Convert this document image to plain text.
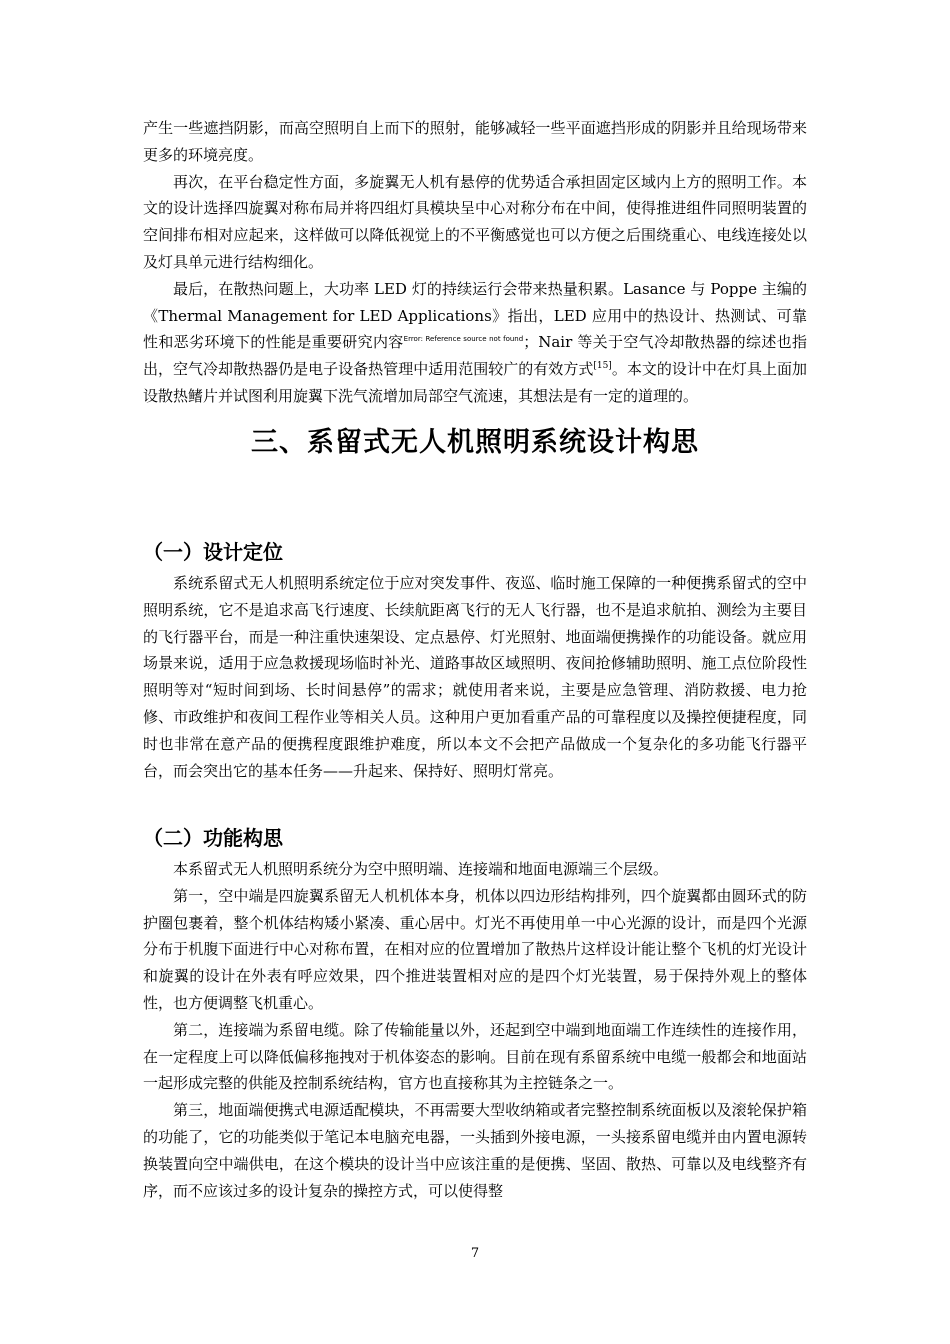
产生一些遮挡阴影，而高空照明自上而下的照射，能够减轻一些平面遮挡形成的阴影并且给现场带来更多的环境亮度。

再次，在平台稳定性方面，多旋翼无人机有悬停的优势适合承担固定区域内上方的照明工作。本文的设计选择四旋翼对称布局并将四组灯具模块呈中心对称分布在中间，使得推进组件同照明装置的空间排布相对应起来，这样做可以降低视觉上的不平衡感觉也可以方便之后围绕重心、电线连接处以及灯具单元进行结构细化。

最后，在散热问题上，大功率 LED 灯的持续运行会带来热量积累。Lasance 与 Poppe 主编的《Thermal Management for LED Applications》指出，LED 应用中的热设计、热测试、可靠性和恶劣环境下的性能是重要研究内容$^{Error: Reference source not found}$；Nair 等关于空气冷却散热器的综述也指出，空气冷却散热器仍是电子设备热管理中适用范围较广的有效方式[15]。本文的设计中在灯具上面加设散热鳍片并试图利用旋翼下洗气流增加局部空气流速，其想法是有一定的道理的。

三、系留式无人机照明系统设计构思
（一）设计定位

系统系留式无人机照明系统定位于应对突发事件、夜巡、临时施工保障的一种便携系留式的空中照明系统，它不是追求高飞行速度、长续航距离飞行的无人飞行器，也不是追求航拍、测绘为主要目的飞行器平台，而是一种注重快速架设、定点悬停、灯光照射、地面端便携操作的功能设备。就应用场景来说，适用于应急救援现场临时补光、道路事故区域照明、夜间抢修辅助照明、施工点位阶段性照明等对“短时间到场、长时间悬停”的需求；就使用者来说，主要是应急管理、消防救援、电力抢修、市政维护和夜间工程作业等相关人员。这种用户更加看重产品的可靠程度以及操控便捷程度，同时也非常在意产品的便携程度跟维护难度，所以本文不会把产品做成一个复杂化的多功能飞行器平台，而会突出它的基本任务——升起来、保持好、照明灯常亮。

（二）功能构思

本系留式无人机照明系统分为空中照明端、连接端和地面电源端三个层级。

第一，空中端是四旋翼系留无人机机体本身，机体以四边形结构排列，四个旋翼都由圆环式的防护圈包裹着，整个机体结构矮小紧凑、重心居中。灯光不再使用单一中心光源的设计，而是四个光源分布于机腹下面进行中心对称布置，在相对应的位置增加了散热片这样设计能让整个飞机的灯光设计和旋翼的设计在外表有呼应效果，四个推进装置相对应的是四个灯光装置，易于保持外观上的整体性，也方便调整飞机重心。

第二，连接端为系留电缆。除了传输能量以外，还起到空中端到地面端工作连续性的连接作用，在一定程度上可以降低偏移拖拽对于机体姿态的影响。目前在现有系留系统中电缆一般都会和地面站一起形成完整的供能及控制系统结构，官方也直接称其为主控链条之一。

第三，地面端便携式电源适配模块，不再需要大型收纳箱或者完整控制系统面板以及滚轮保护箱的功能了，它的功能类似于笔记本电脑充电器，一头插到外接电源，一头接系留电缆并由内置电源转换装置向空中端供电，在这个模块的设计当中应该注重的是便携、坚固、散热、可靠以及电线整齐有序，而不应该过多的设计复杂的操控方式，可以使得整

7
